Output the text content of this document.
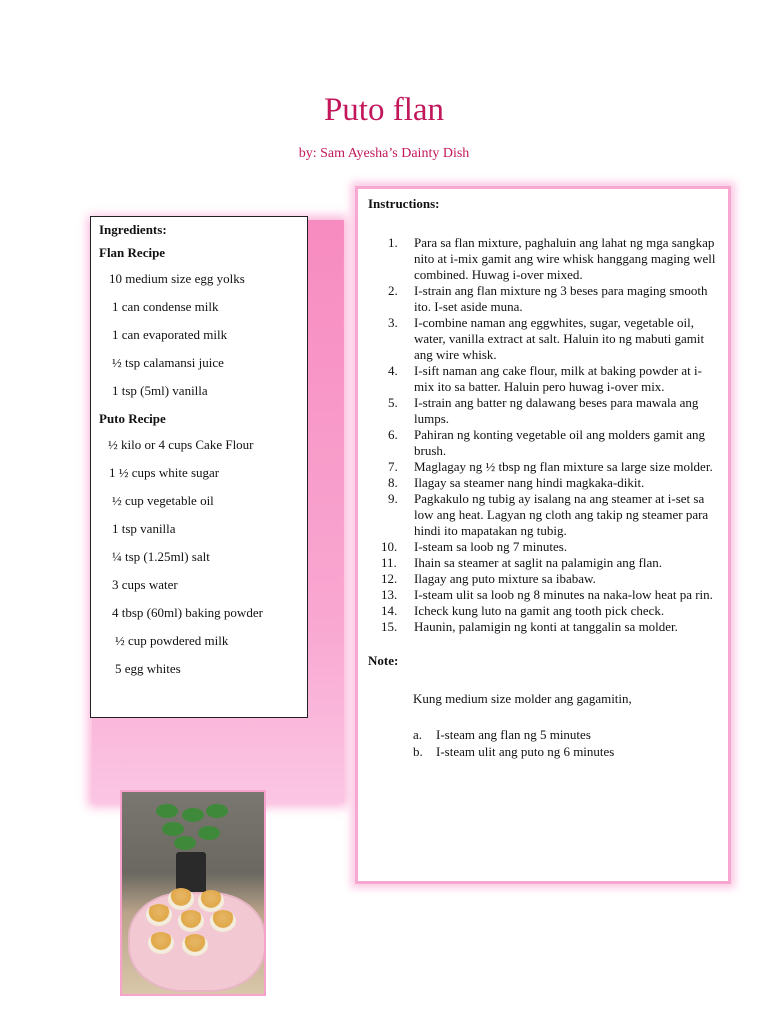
Puto flan
by: Sam Ayesha’s Dainty Dish
Ingredients:
Flan Recipe
10 medium size egg yolks
1 can condense milk
1 can evaporated milk
½ tsp calamansi juice
1 tsp (5ml) vanilla
Puto Recipe
½ kilo or 4 cups Cake Flour
1 ½ cups white sugar
½ cup vegetable oil
1 tsp vanilla
¼ tsp (1.25ml) salt
3 cups water
4 tbsp (60ml) baking powder
½ cup powdered milk
5 egg whites
Instructions:
1. Para sa flan mixture, paghaluin ang lahat ng mga sangkap nito at i-mix gamit ang wire whisk hanggang maging well combined. Huwag i-over mixed.
2. I-strain ang flan mixture ng 3 beses para maging smooth ito. I-set aside muna.
3. I-combine naman ang eggwhites, sugar, vegetable oil, water, vanilla extract at salt. Haluin ito ng mabuti gamit ang wire whisk.
4. I-sift naman ang cake flour, milk at baking powder at i-mix ito sa batter. Haluin pero huwag i-over mix.
5. I-strain ang batter ng dalawang beses para mawala ang lumps.
6. Pahiran ng konting vegetable oil ang molders gamit ang brush.
7. Maglagay ng ½ tbsp ng flan mixture sa large size molder.
8. Ilagay sa steamer nang hindi magkaka-dikit.
9. Pagkakulo ng tubig ay isalang na ang steamer at i-set sa low ang heat. Lagyan ng cloth ang takip ng steamer para hindi ito mapatakan ng tubig.
10. I-steam sa loob ng 7 minutes.
11. Ihain sa steamer at saglit na palamigin ang flan.
12. Ilagay ang puto mixture sa ibabaw.
13. I-steam ulit sa loob ng 8 minutes na naka-low heat pa rin.
14. Icheck kung luto na gamit ang tooth pick check.
15. Haunin, palamigin ng konti at tanggalin sa molder.
Note:
Kung medium size molder ang gagamitin,
a. I-steam ang flan ng 5 minutes
b. I-steam ulit ang puto ng 6 minutes
